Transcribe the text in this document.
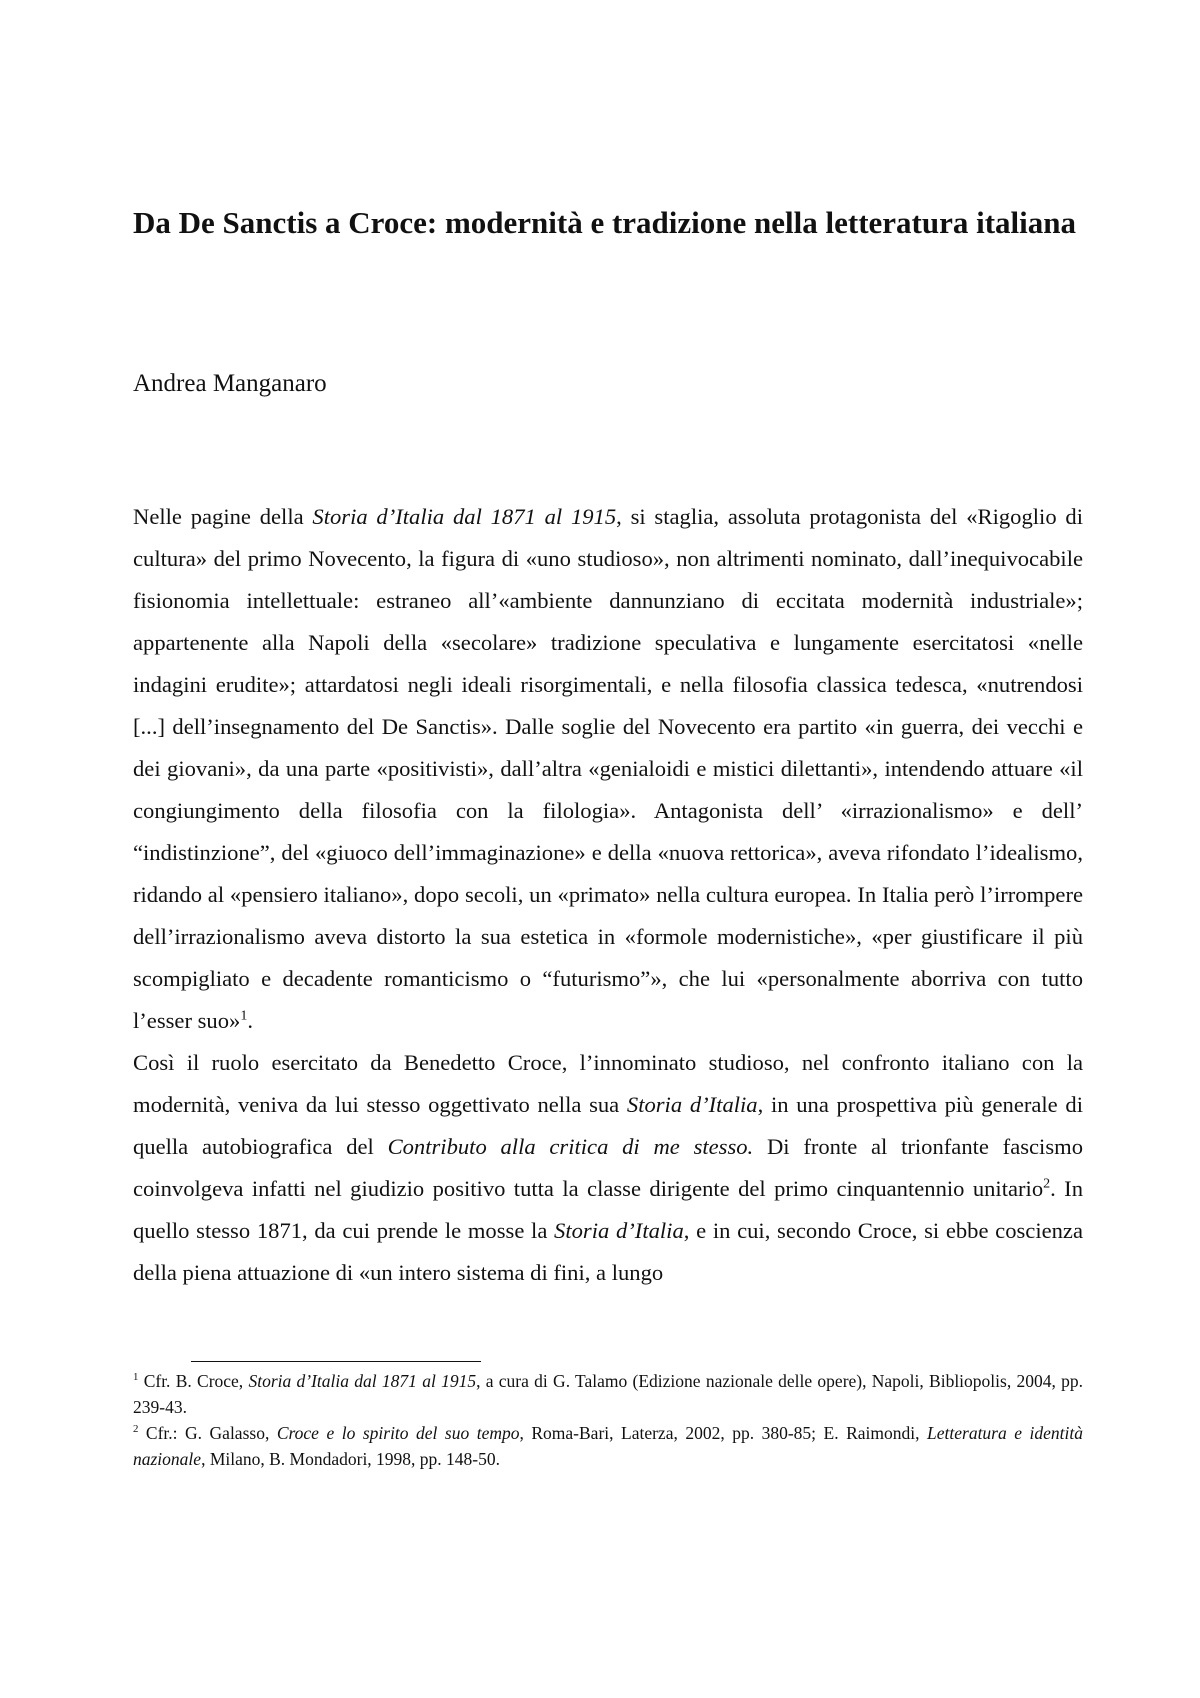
Da De Sanctis a Croce: modernità e tradizione nella letteratura italiana

Andrea Manganaro

Nelle pagine della Storia d’Italia dal 1871 al 1915, si staglia, assoluta protagonista del «Rigoglio di cultura» del primo Novecento, la figura di «uno studioso», non altrimenti nominato, dall’inequivocabile fisionomia intellettuale: estraneo all’«ambiente dannunziano di eccitata modernità industriale»; appartenente alla Napoli della «secolare» tradizione speculativa e lungamente esercitatosi «nelle indagini erudite»; attardatosi negli ideali risorgimentali, e nella filosofia classica tedesca, «nutrendosi [...] dell’insegnamento del De Sanctis». Dalle soglie del Novecento era partito «in guerra, dei vecchi e dei giovani», da una parte «positivisti», dall’altra «genialoidi e mistici dilettanti», intendendo attuare «il congiungimento della filosofia con la filologia». Antagonista dell’ «irrazionalismo» e dell’ “indistinzione”, del «giuoco dell’immaginazione» e della «nuova rettorica», aveva rifondato l’idealismo, ridando al «pensiero italiano», dopo secoli, un «primato» nella cultura europea. In Italia però l’irrompere dell’irrazionalismo aveva distorto la sua estetica in «formole modernistiche», «per giustificare il più scompigliato e decadente romanticismo o “futurismo”», che lui «personalmente aborriva con tutto l’esser suo»$^1$.

Così il ruolo esercitato da Benedetto Croce, l’innominato studioso, nel confronto italiano con la modernità, veniva da lui stesso oggettivato nella sua Storia d’Italia, in una prospettiva più generale di quella autobiografica del Contributo alla critica di me stesso. Di fronte al trionfante fascismo coinvolgeva infatti nel giudizio positivo tutta la classe dirigente del primo cinquantennio unitario$^2$. In quello stesso 1871, da cui prende le mosse la Storia d’Italia, e in cui, secondo Croce, si ebbe coscienza della piena attuazione di «un intero sistema di fini, a lungo

$^1$ Cfr. B. Croce, Storia d’Italia dal 1871 al 1915, a cura di G. Talamo (Edizione nazionale delle opere), Napoli, Bibliopolis, 2004, pp. 239-43.

$^2$ Cfr.: G. Galasso, Croce e lo spirito del suo tempo, Roma-Bari, Laterza, 2002, pp. 380-85; E. Raimondi, Letteratura e identità nazionale, Milano, B. Mondadori, 1998, pp. 148-50.
